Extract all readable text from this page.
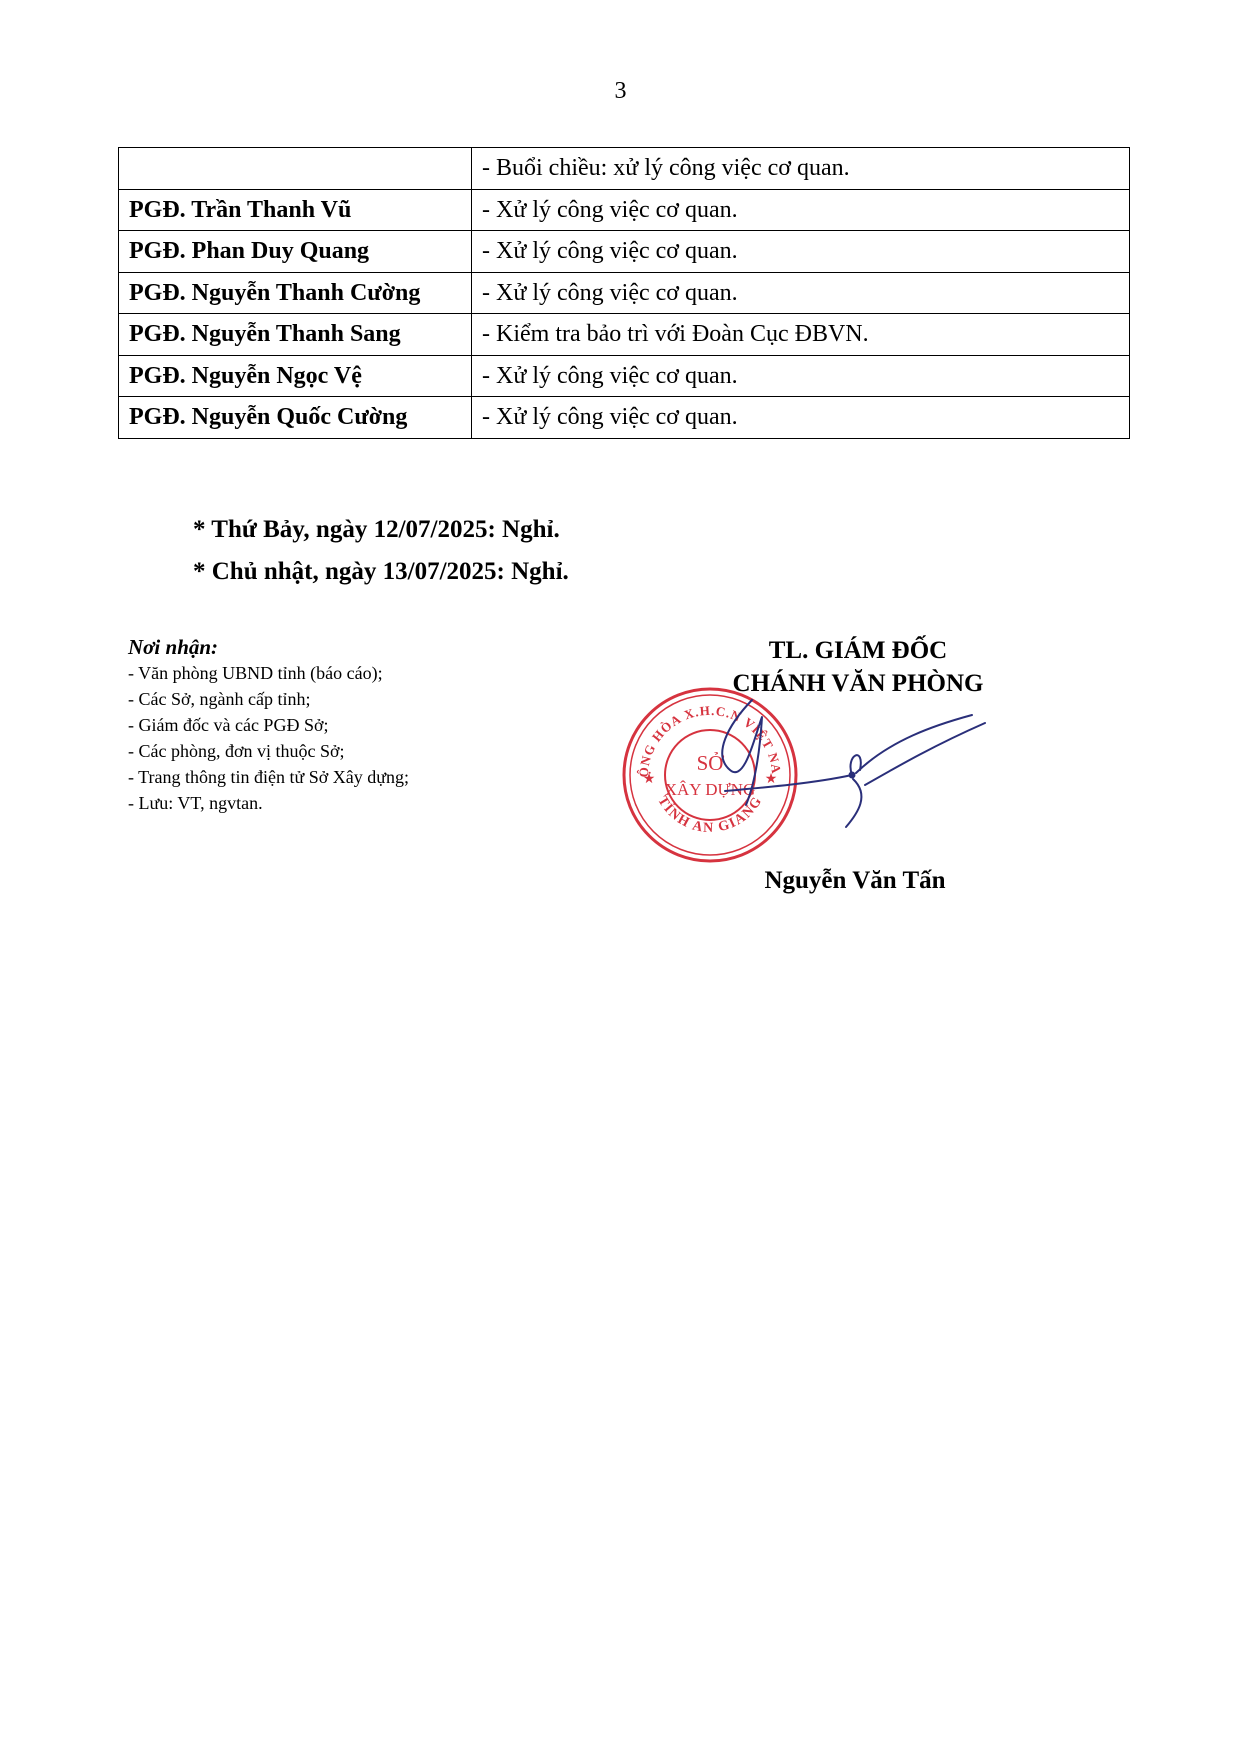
3
	- Buổi chiều: xử lý công việc cơ quan.
PGĐ. Trần Thanh Vũ	- Xử lý công việc cơ quan.
PGĐ. Phan Duy Quang	- Xử lý công việc cơ quan.
PGĐ. Nguyễn Thanh Cường	- Xử lý công việc cơ quan.
PGĐ. Nguyễn Thanh Sang	- Kiểm tra bảo trì với Đoàn Cục ĐBVN.
PGĐ. Nguyễn Ngọc Vệ	- Xử lý công việc cơ quan.
PGĐ. Nguyễn Quốc Cường	- Xử lý công việc cơ quan.
* Thứ Bảy, ngày 12/07/2025: Nghỉ.
* Chủ nhật, ngày 13/07/2025: Nghỉ.
Nơi nhận:
- Văn phòng UBND tỉnh (báo cáo);
- Các Sở, ngành cấp tỉnh;
- Giám đốc và các PGĐ Sở;
- Các phòng, đơn vị thuộc Sở;
- Trang thông tin điện tử Sở Xây dựng;
- Lưu: VT, ngvtan.
ỘNG HÒA X.H.C.N VIỆT NA
TỈNH AN GIANG
SỞ
XÂY DỰNG
★	★
TL. GIÁM ĐỐC
CHÁNH VĂN PHÒNG
Nguyễn Văn Tấn
